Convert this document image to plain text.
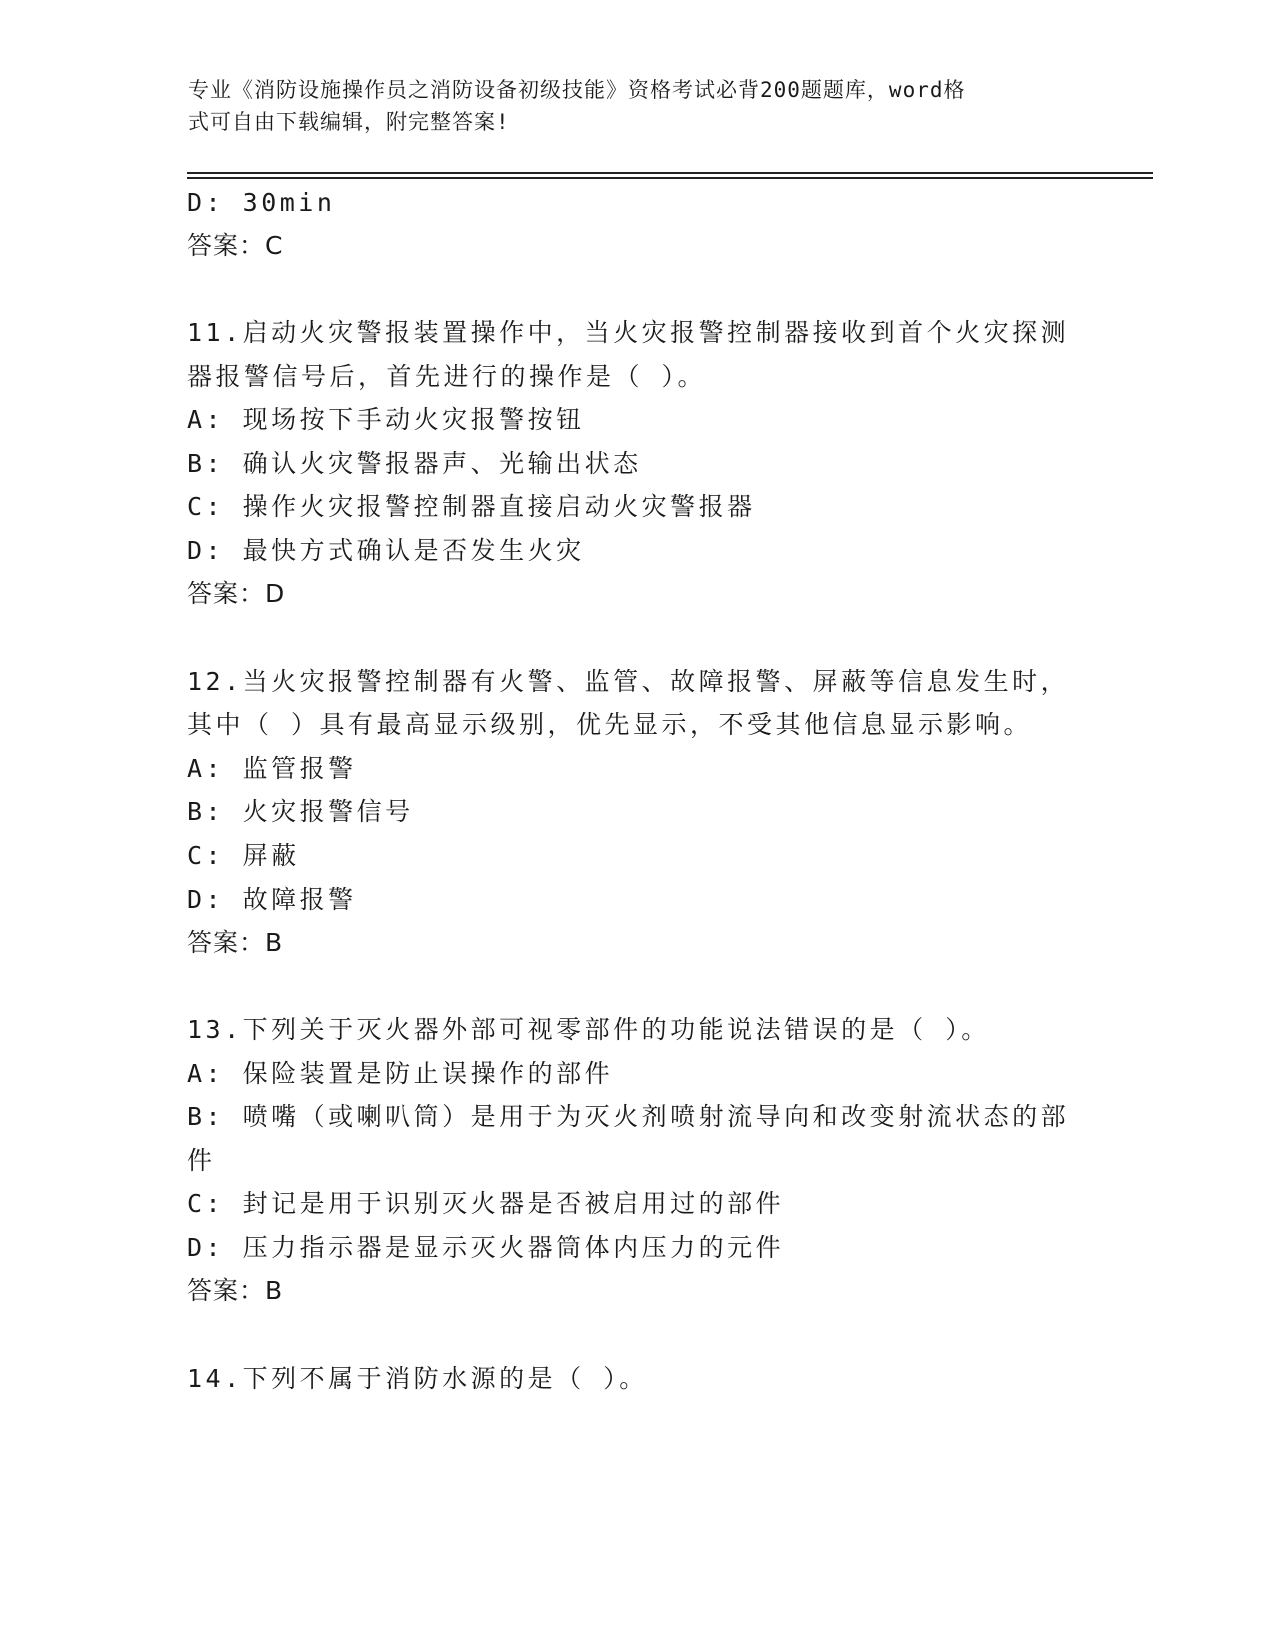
专业《消防设施操作员之消防设备初级技能》资格考试必背200题题库，word格
式可自由下载编辑，附完整答案!
D: 30min
答案：C
11.启动火灾警报装置操作中，当火灾报警控制器接收到首个火灾探测
器报警信号后，首先进行的操作是（ ）。
A: 现场按下手动火灾报警按钮
B: 确认火灾警报器声、光输出状态
C: 操作火灾报警控制器直接启动火灾警报器
D: 最快方式确认是否发生火灾
答案：D
12.当火灾报警控制器有火警、监管、故障报警、屏蔽等信息发生时，
其中（ ）具有最高显示级别，优先显示，不受其他信息显示影响。
A: 监管报警
B: 火灾报警信号
C: 屏蔽
D: 故障报警
答案：B
13.下列关于灭火器外部可视零部件的功能说法错误的是（ ）。
A: 保险装置是防止误操作的部件
B: 喷嘴（或喇叭筒）是用于为灭火剂喷射流导向和改变射流状态的部
件
C: 封记是用于识别灭火器是否被启用过的部件
D: 压力指示器是显示灭火器筒体内压力的元件
答案：B
14.下列不属于消防水源的是（ ）。
